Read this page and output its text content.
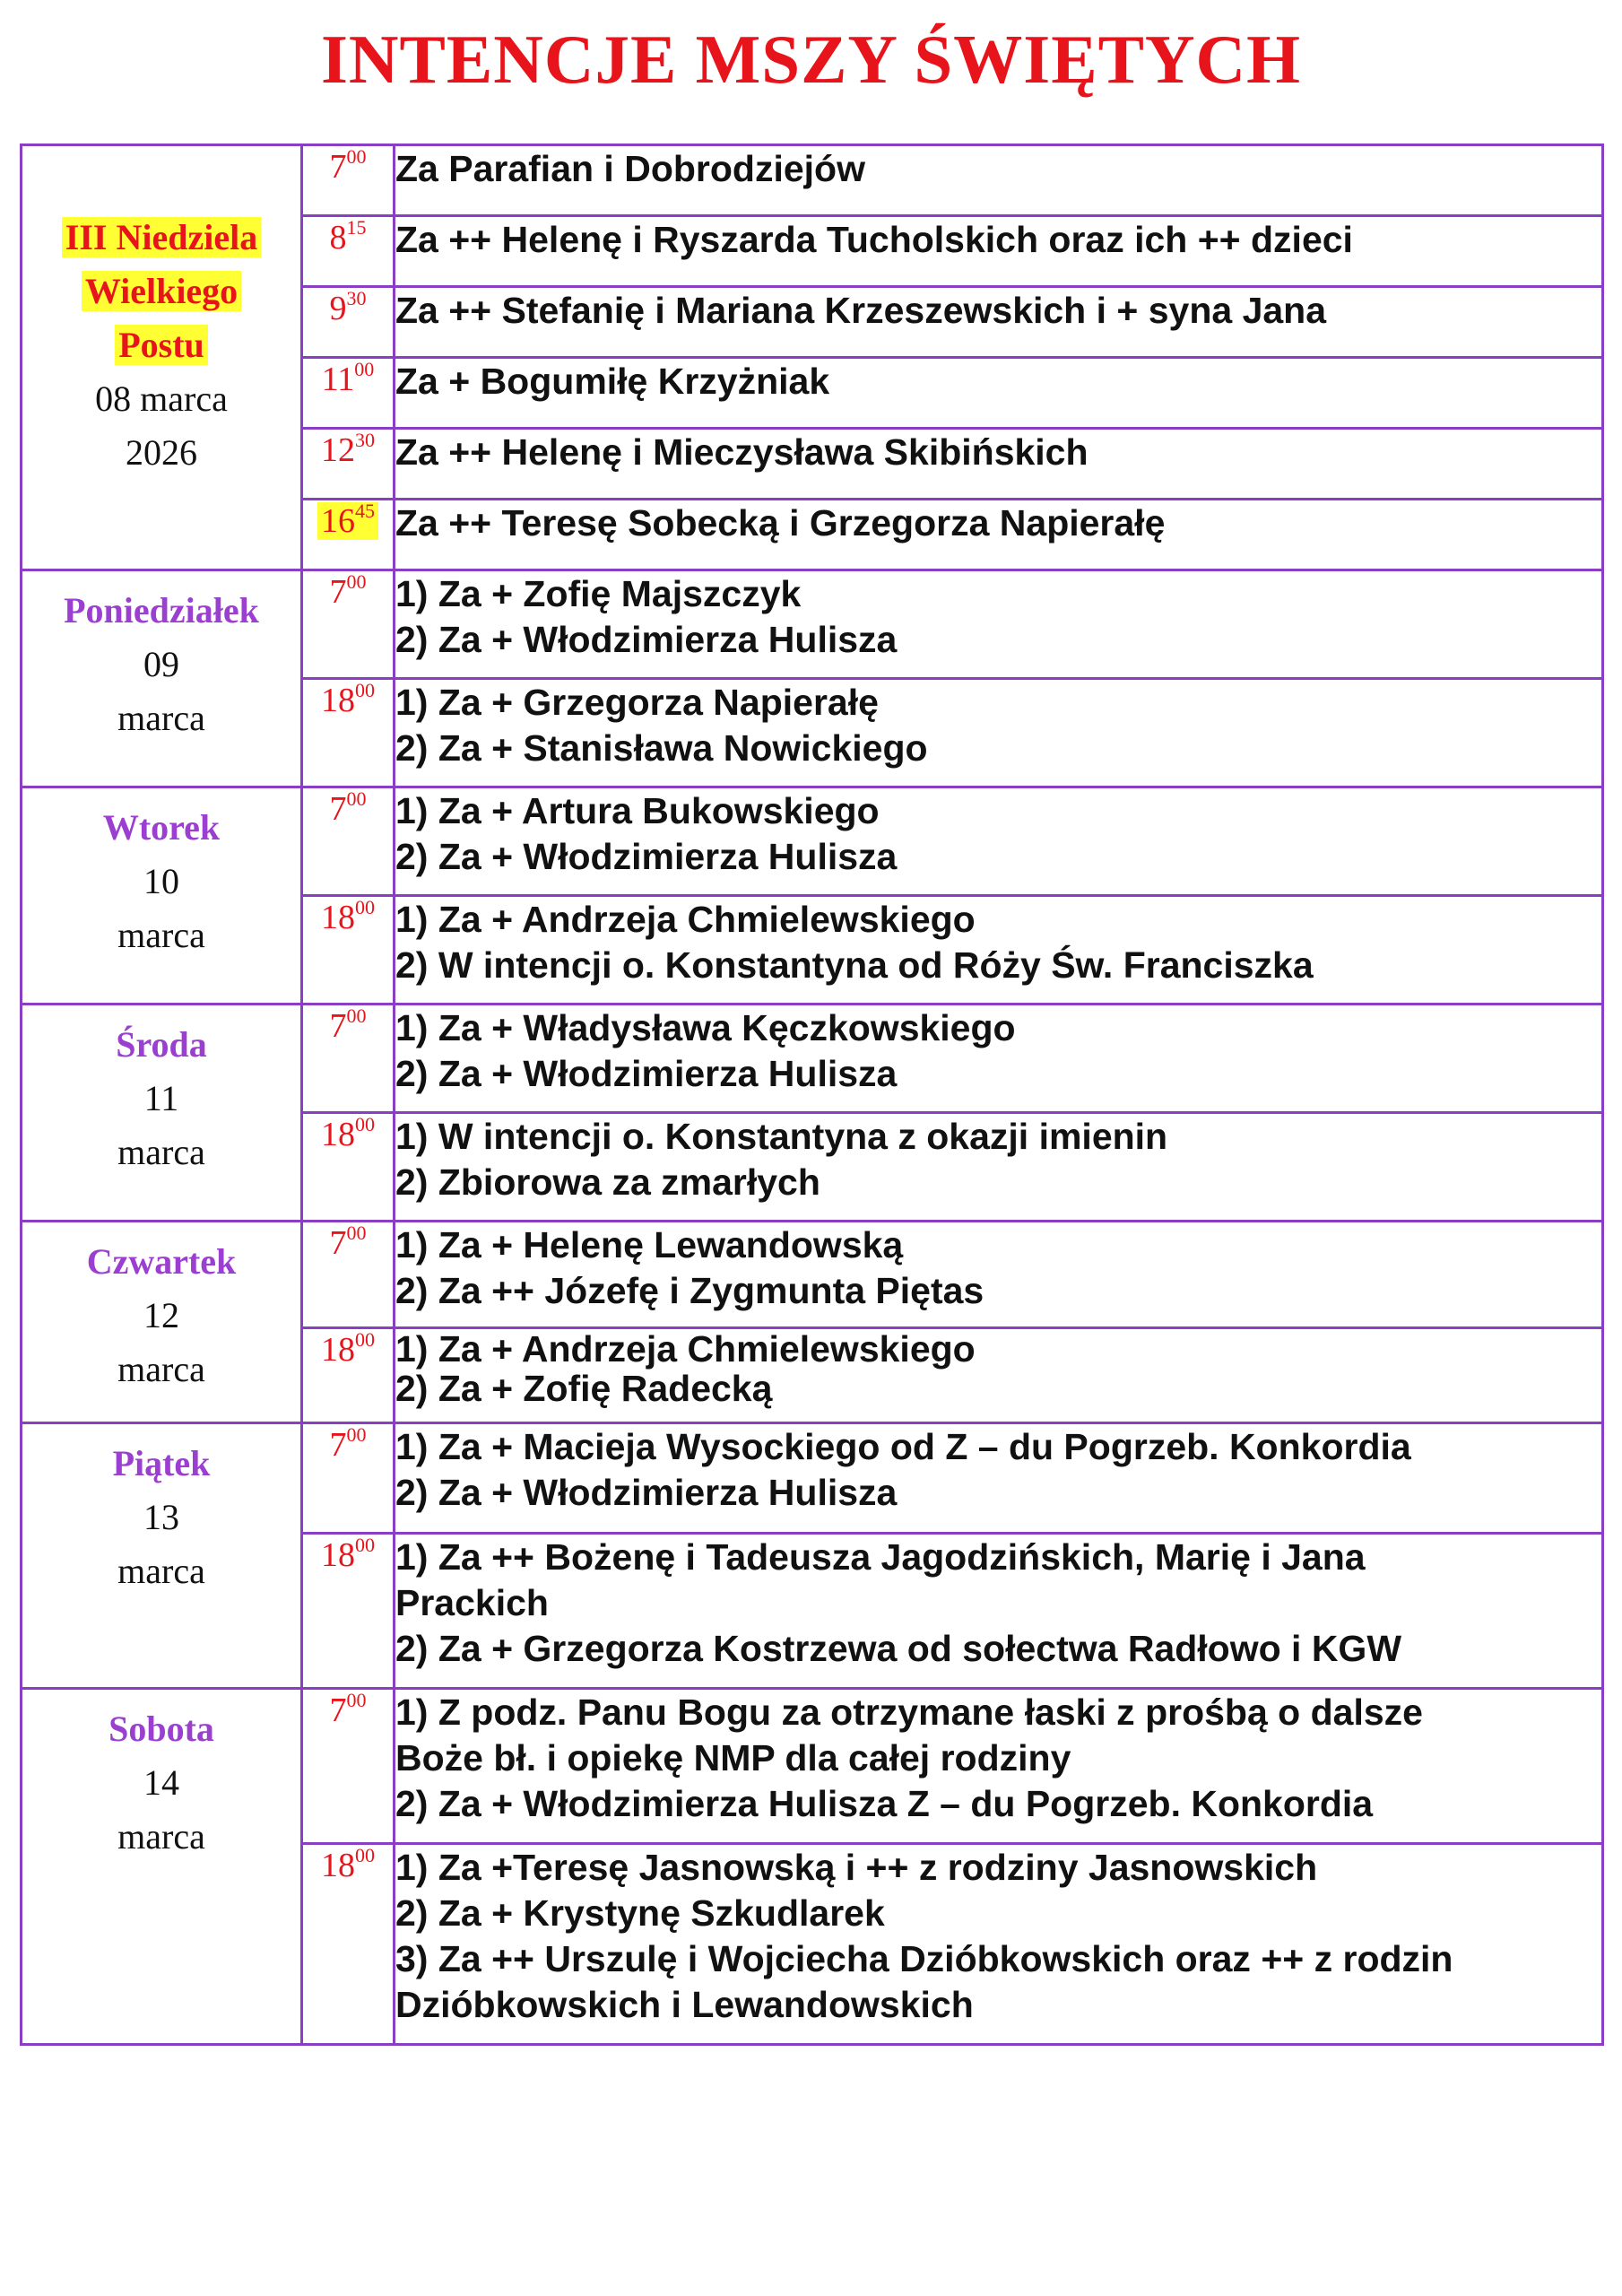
INTENCJE MSZY ŚWIĘTYCH
III Niedziela
Wielkiego
Postu
08 marca
2026	$7^{00}$	Za Parafian i Dobrodziejów

	$8^{15}$	Za ++ Helenę i Ryszarda Tucholskich oraz ich ++ dzieci

	$9^{30}$	Za ++ Stefanię i Mariana Krzeszewskich i + syna Jana

	$11^{00}$	Za + Bogumiłę Krzyżniak

	$12^{30}$	Za ++ Helenę i Mieczysława Skibińskich

	$16^{45}$	Za ++ Teresę Sobecką i Grzegorza Napierałę

Poniedziałek
09
marca	$7^{00}$	1) Za + Zofię Majszczyk
2) Za + Włodzimierza Hulisza

	$18^{00}$	1) Za + Grzegorza Napierałę
2) Za + Stanisława Nowickiego

Wtorek
10
marca	$7^{00}$	1) Za + Artura Bukowskiego
2) Za + Włodzimierza Hulisza

	$18^{00}$	1) Za + Andrzeja Chmielewskiego
2) W intencji o. Konstantyna od Róży Św. Franciszka

Środa
11
marca	$7^{00}$	1) Za + Władysława Kęczkowskiego
2) Za + Włodzimierza Hulisza

	$18^{00}$	1) W intencji o. Konstantyna z okazji imienin
2) Zbiorowa za zmarłych

Czwartek
12
marca	$7^{00}$	1) Za + Helenę Lewandowską
2) Za ++ Józefę i Zygmunta Piętas

	$18^{00}$	1) Za + Andrzeja Chmielewskiego
2) Za + Zofię Radecką

Piątek
13
marca	$7^{00}$	1) Za + Macieja Wysockiego od Z – du Pogrzeb. Konkordia
2) Za + Włodzimierza Hulisza

	$18^{00}$	1) Za ++ Bożenę i Tadeusza Jagodzińskich, Marię i Jana
Prackich
2) Za + Grzegorza Kostrzewa od sołectwa Radłowo i KGW

Sobota
14
marca	$7^{00}$	1) Z podz. Panu Bogu za otrzymane łaski z prośbą o dalsze
Boże bł. i opiekę NMP dla całej rodziny
2) Za + Włodzimierza Hulisza Z – du Pogrzeb. Konkordia

	$18^{00}$	1) Za +Teresę Jasnowską i ++ z rodziny Jasnowskich
2) Za + Krystynę Szkudlarek
3) Za ++ Urszulę i Wojciecha Dzióbkowskich oraz ++ z rodzin
Dzióbkowskich i Lewandowskich
